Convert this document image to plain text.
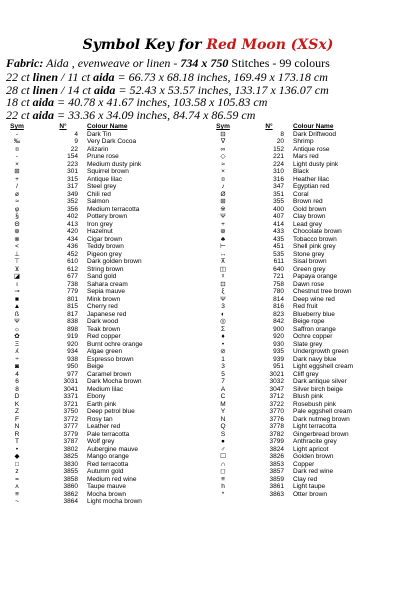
Symbol Key for Red Moon (XSx)
Fabric: Aida , evenweave or linen - 734 x 750 Stitches - 99 colours
22 ct linen / 11 ct aida = 66.73 x 68.18 inches, 169.49 x 173.18 cm
28 ct linen / 14 ct aida = 52.43 x 53.57 inches, 133.17 x 136.07 cm
18 ct aida = 40.78 x 41.67 inches, 103.58 x 105.83 cm
22 ct aida = 33.36 x 34.09 inches, 84.74 x 86.59 cm
Sym	N°	Colour Name
-	4 Dark Tin
‰	9 Very Dark Cocoa
¤	22 Alizarin
-	154 Prune rose
×	223 Medium dusty pink
⊞	301 Squirrel brown
+	315 Antique lilac
/	317 Steel grey
ø	349 Chili red
≈	352 Salmon
φ	356 Medium terracotta
§	402 Pottery brown
Θ	413 Iron grey
⊕	420 Hazelnut
⊗	434 Cigar brown
<	436 Teddy brown
⊥	452 Pigeon grey
⊤	610 Dark golden brown
⊻	612 String brown
◪	677 Sand gold
ı	738 Sahara cream
⊸	779 Sepia mauve
■	801 Mink brown
▲	815 Cherry red
ß	817 Japanese red
Ψ	838 Dark wood
☼	898 Teak brown
✿	919 Red copper
Ξ	920 Burnt ochre orange
ʎ	934 Algae green
÷	938 Espresso brown
◙	950 Beige
4	977 Caramel brown
6	3031 Dark Mocha brown
8	3041 Medium lilac
D	3371 Ebony
K	3721 Earth pink
Z	3750 Deep petrol blue
F	3772 Rosy tan
N	3777 Leather red
R	3779 Pale terracotta
T	3787 Wolf grey
•	3802 Aubergine mauve
◆	3825 Mango orange
□	3830 Red terracotta
z	3855 Autumn gold
=	3858 Medium red wine
ʌ	3860 Taupe mauve
≡	3862 Mocha brown
~	3864 Light mocha brown
Sym	N°	Colour Name
⊟	8 Dark Driftwood
∇	20 Shrimp
∞	152 Antique rose
◇	221 Mars red
≈	224 Light dusty pink
×	310 Black
¤	316 Heather lilac
♪	347 Egyptian red
Ø	351 Coral
⊞	355 Brown red
※	400 Gold brown
Ψ	407 Clay brown
+	414 Lead grey
⊕	433 Chocolate brown
♣	435 Tobacco brown
⊢	451 Shell pink grey
↔	535 Stone grey
⊼	611 Sisal brown
◫	640 Green grey
☓	721 Papaya orange
⊡	758 Dawn rose
ξ	780 Chestnut tree brown
Ψ	814 Deep wine red
3	816 Red fruit
◐	823 Blueberry blue
◎	842 Beige rope
Σ	900 Saffron orange
♦	920 Ochre copper
•	930 Slate grey
⊘	935 Undergrowth green
1	939 Dark navy blue
3	951 Light eggshell cream
5	3021 Cliff grey
7	3032 Dark antique silver
A	3047 Silver birch beige
C	3712 Blush pink
M	3722 Rosebush pink
Y	3770 Pale eggshell cream
N	3776 Dark nutmeg brown
Q	3778 Light terracotta
S	3782 Gingerbread brown
●	3799 Anthracite grey
♂	3824 Light apricot
☐	3826 Golden brown
∩	3853 Copper
◻	3857 Dark red wine
≡	3859 Clay red
h	3861 Light taupe
*	3863 Otter brown
